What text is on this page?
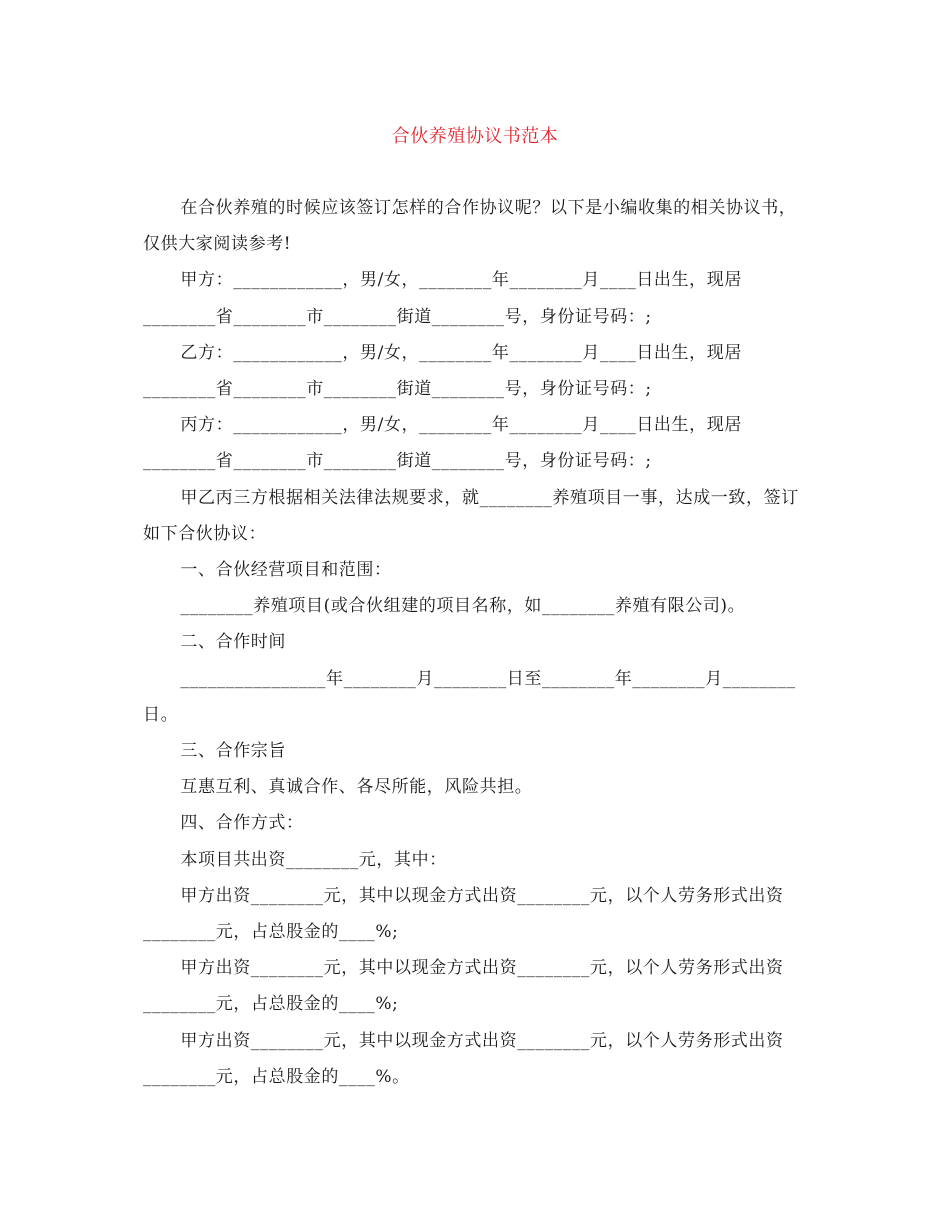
合伙养殖协议书范本

在合伙养殖的时候应该签订怎样的合作协议呢？以下是小编收集的相关协议书，仅供大家阅读参考!

甲方：____________，男/女，________年________月____日出生，现居________省________市________街道________号，身份证号码：;

乙方：____________，男/女，________年________月____日出生，现居________省________市________街道________号，身份证号码：;

丙方：____________，男/女，________年________月____日出生，现居________省________市________街道________号，身份证号码：;

甲乙丙三方根据相关法律法规要求，就________养殖项目一事，达成一致，签订如下合伙协议：

一、合伙经营项目和范围：

________养殖项目(或合伙组建的项目名称，如________养殖有限公司)。

二、合作时间

________________年________月________日至________年________月________日。

三、合作宗旨

互惠互利、真诚合作、各尽所能，风险共担。

四、合作方式：

本项目共出资________元，其中：

甲方出资________元，其中以现金方式出资________元，以个人劳务形式出资________元，占总股金的____%;

甲方出资________元，其中以现金方式出资________元，以个人劳务形式出资________元，占总股金的____%;

甲方出资________元，其中以现金方式出资________元，以个人劳务形式出资________元，占总股金的____%。
